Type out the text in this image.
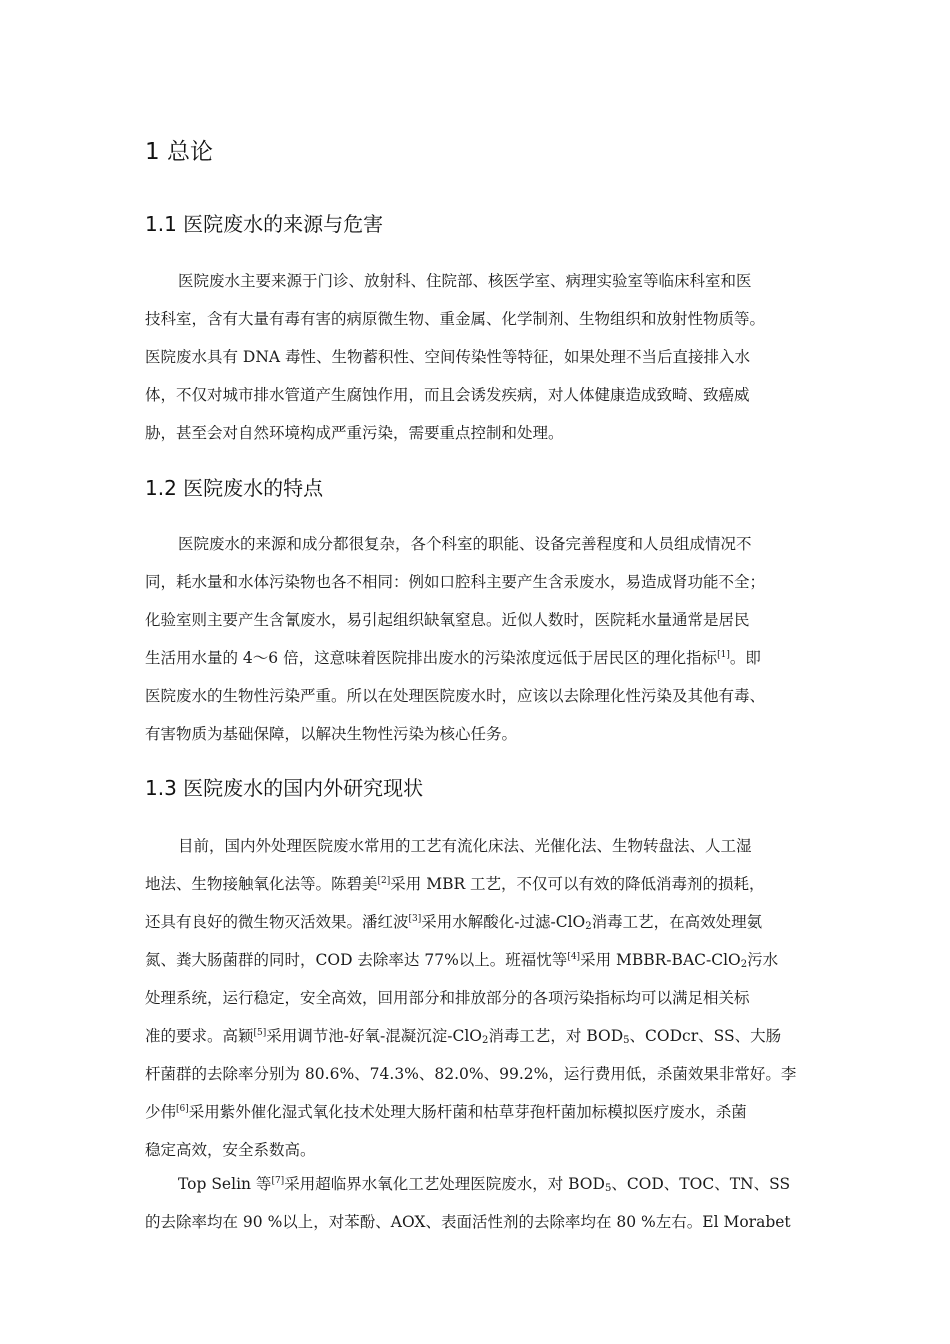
1 总论
1.1 医院废水的来源与危害
医院废水主要来源于门诊、放射科、住院部、核医学室、病理实验室等临床科室和医
技科室，含有大量有毒有害的病原微生物、重金属、化学制剂、生物组织和放射性物质等。
医院废水具有 DNA 毒性、生物蓄积性、空间传染性等特征，如果处理不当后直接排入水
体，不仅对城市排水管道产生腐蚀作用，而且会诱发疾病，对人体健康造成致畸、致癌威
胁，甚至会对自然环境构成严重污染，需要重点控制和处理。
1.2 医院废水的特点
医院废水的来源和成分都很复杂，各个科室的职能、设备完善程度和人员组成情况不
同，耗水量和水体污染物也各不相同：例如口腔科主要产生含汞废水，易造成肾功能不全；
化验室则主要产生含氰废水，易引起组织缺氧窒息。近似人数时，医院耗水量通常是居民
生活用水量的 4～6 倍，这意味着医院排出废水的污染浓度远低于居民区的理化指标[1]。即
医院废水的生物性污染严重。所以在处理医院废水时，应该以去除理化性污染及其他有毒、
有害物质为基础保障，以解决生物性污染为核心任务。
1.3 医院废水的国内外研究现状
目前，国内外处理医院废水常用的工艺有流化床法、光催化法、生物转盘法、人工湿
地法、生物接触氧化法等。陈碧美[2]采用 MBR 工艺，不仅可以有效的降低消毒剂的损耗，
还具有良好的微生物灭活效果。潘红波[3]采用水解酸化-过滤-ClO$_2$消毒工艺，在高效处理氨
氮、粪大肠菌群的同时，COD 去除率达 77%以上。班福忱等[4]采用 MBBR-BAC-ClO$_2$污水
处理系统，运行稳定，安全高效，回用部分和排放部分的各项污染指标均可以满足相关标
准的要求。高颖[5]采用调节池-好氧-混凝沉淀-ClO$_2$消毒工艺，对 $BOD_5$、CODcr、SS、大肠
杆菌群的去除率分别为 80.6%、74.3%、82.0%、99.2%，运行费用低，杀菌效果非常好。李
少伟[6]采用紫外催化湿式氧化技术处理大肠杆菌和枯草芽孢杆菌加标模拟医疗废水，杀菌
稳定高效，安全系数高。
Top Selin 等[7]采用超临界水氧化工艺处理医院废水，对 $BOD_5$、COD、TOC、TN、SS
的去除率均在 90 %以上，对苯酚、AOX、表面活性剂的去除率均在 80 %左右。El Morabet
